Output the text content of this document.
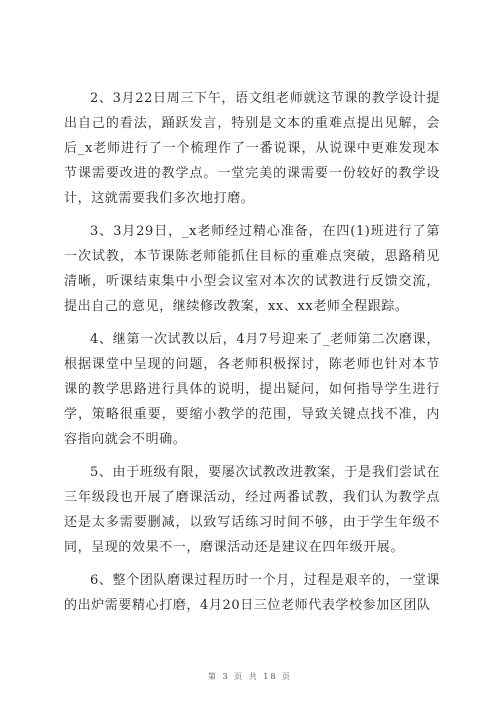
2、3月22日周三下午，语文组老师就这节课的教学设计提出自己的看法，踊跃发言，特别是文本的重难点提出见解，会后_x老师进行了一个梳理作了一番说课，从说课中更难发现本节课需要改进的教学点。一堂完美的课需要一份较好的教学设计，这就需要我们多次地打磨。

3、3月29日，_x老师经过精心准备，在四(1)班进行了第一次试教，本节课陈老师能抓住目标的重难点突破，思路稍见清晰，听课结束集中小型会议室对本次的试教进行反馈交流，提出自己的意见，继续修改教案，xx、xx老师全程跟踪。

4、继第一次试教以后，4月7号迎来了_老师第二次磨课，根据课堂中呈现的问题，各老师积极探讨，陈老师也针对本节课的教学思路进行具体的说明，提出疑问，如何指导学生进行学，策略很重要，要缩小教学的范围，导致关键点找不准，内容指向就会不明确。

5、由于班级有限，要屡次试教改进教案，于是我们尝试在三年级段也开展了磨课活动，经过两番试教，我们认为教学点还是太多需要删减，以致写话练习时间不够，由于学生年级不同，呈现的效果不一，磨课活动还是建议在四年级开展。

6、整个团队磨课过程历时一个月，过程是艰辛的，一堂课的出炉需要精心打磨，4月20日三位老师代表学校参加区团队

第 3 页 共 18 页
